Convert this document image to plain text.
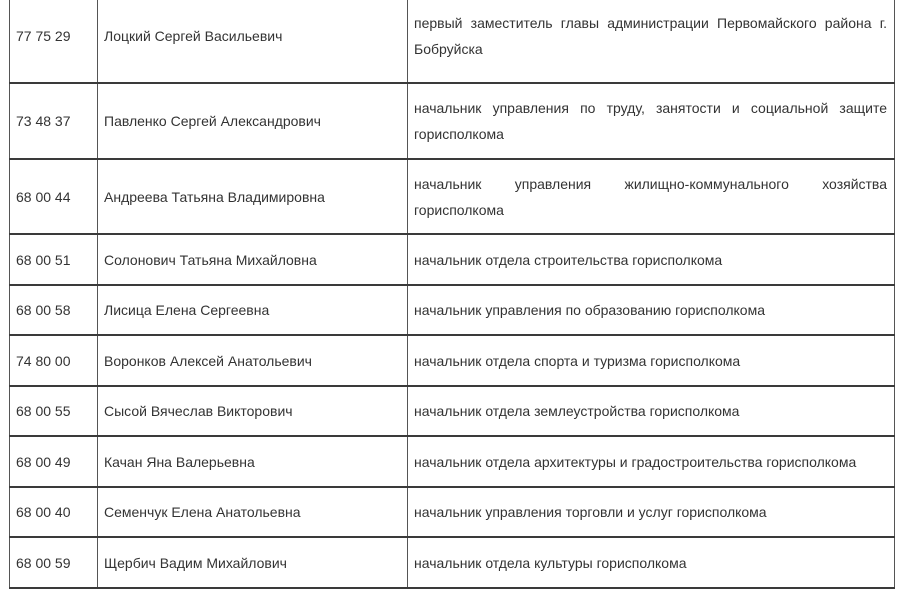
77 75 29	Лоцкий Сергей Васильевич	первый заместитель главы администрации Первомайского района г. Бобруйска
73 48 37	Павленко Сергей Александрович	начальник управления по труду, занятости и социальной защите горисполкома
68 00 44	Андреева Татьяна Владимировна	начальник управления жилищно-коммунального хозяйства горисполкома
68 00 51	Солонович Татьяна Михайловна	начальник отдела строительства горисполкома
68 00 58	Лисица Елена Сергеевна	начальник управления по образованию горисполкома
74 80 00	Воронков Алексей Анатольевич	начальник отдела спорта и туризма горисполкома
68 00 55	Сысой Вячеслав Викторович	начальник отдела землеустройства горисполкома
68 00 49	Качан Яна Валерьевна	начальник отдела архитектуры и градостроительства горисполкома
68 00 40	Семенчук Елена Анатольевна	начальник управления торговли и услуг горисполкома
68 00 59	Щербич Вадим Михайлович	начальник отдела культуры горисполкома
